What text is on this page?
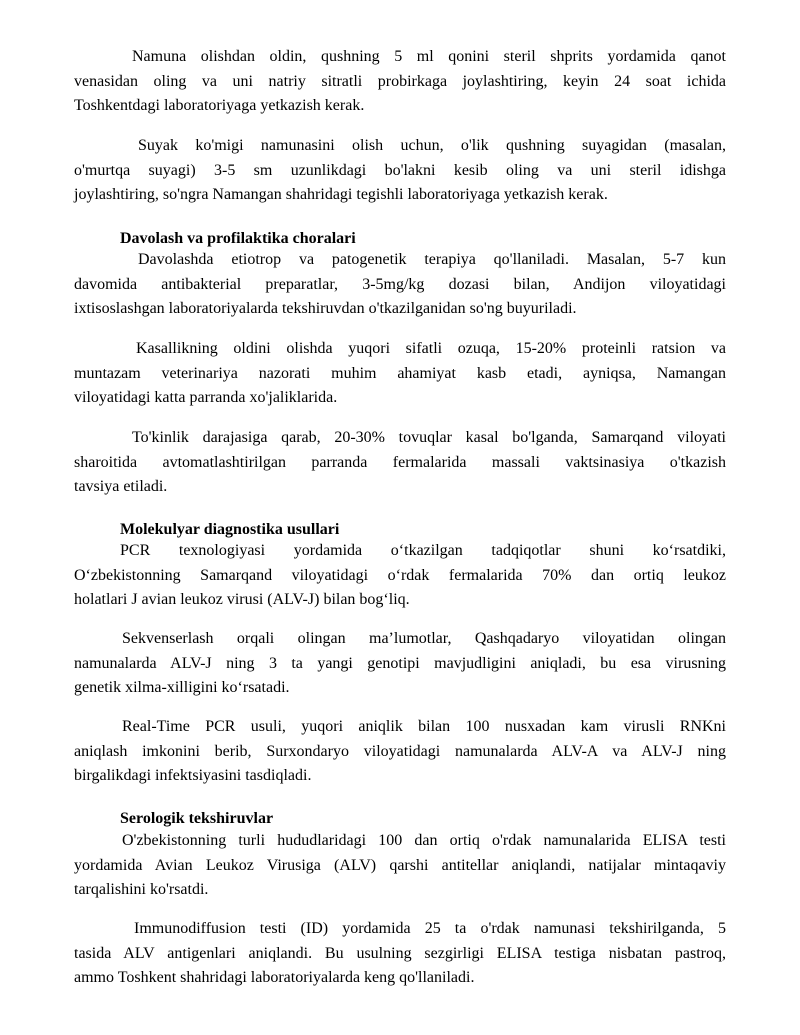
Namuna olishdan oldin, qushning 5 ml qonini steril shprits yordamida qanot
venasidan oling va uni natriy sitratli probirkaga joylashtiring, keyin 24 soat ichida
Toshkentdagi laboratoriyaga yetkazish kerak.
Suyak ko'migi namunasini olish uchun, o'lik qushning suyagidan (masalan,
o'murtqa suyagi) 3-5 sm uzunlikdagi bo'lakni kesib oling va uni steril idishga
joylashtiring, so'ngra Namangan shahridagi tegishli laboratoriyaga yetkazish kerak.
Davolash va profilaktika choralari
Davolashda etiotrop va patogenetik terapiya qo'llaniladi. Masalan, 5-7 kun
davomida antibakterial preparatlar, 3-5mg/kg dozasi bilan, Andijon viloyatidagi
ixtisoslashgan laboratoriyalarda tekshiruvdan o'tkazilganidan so'ng buyuriladi.
Kasallikning oldini olishda yuqori sifatli ozuqa, 15-20% proteinli ratsion va
muntazam veterinariya nazorati muhim ahamiyat kasb etadi, ayniqsa, Namangan
viloyatidagi katta parranda xo'jaliklarida.
To'kinlik darajasiga qarab, 20-30% tovuqlar kasal bo'lganda, Samarqand viloyati
sharoitida avtomatlashtirilgan parranda fermalarida massali vaktsinasiya o'tkazish
tavsiya etiladi.
Molekulyar diagnostika usullari
PCR texnologiyasi yordamida o‘tkazilgan tadqiqotlar shuni ko‘rsatdiki,
O‘zbekistonning Samarqand viloyatidagi o‘rdak fermalarida 70% dan ortiq leukoz
holatlari J avian leukoz virusi (ALV-J) bilan bog‘liq.
Sekvenserlash orqali olingan ma’lumotlar, Qashqadaryo viloyatidan olingan
namunalarda ALV-J ning 3 ta yangi genotipi mavjudligini aniqladi, bu esa virusning
genetik xilma-xilligini ko‘rsatadi.
Real-Time PCR usuli, yuqori aniqlik bilan 100 nusxadan kam virusli RNKni
aniqlash imkonini berib, Surxondaryo viloyatidagi namunalarda ALV-A va ALV-J ning
birgalikdagi infektsiyasini tasdiqladi.
Serologik tekshiruvlar
O'zbekistonning turli hududlaridagi 100 dan ortiq o'rdak namunalarida ELISA testi
yordamida Avian Leukoz Virusiga (ALV) qarshi antitellar aniqlandi, natijalar mintaqaviy
tarqalishini ko'rsatdi.
Immunodiffusion testi (ID) yordamida 25 ta o'rdak namunasi tekshirilganda, 5
tasida ALV antigenlari aniqlandi. Bu usulning sezgirligi ELISA testiga nisbatan pastroq,
ammo Toshkent shahridagi laboratoriyalarda keng qo'llaniladi.
